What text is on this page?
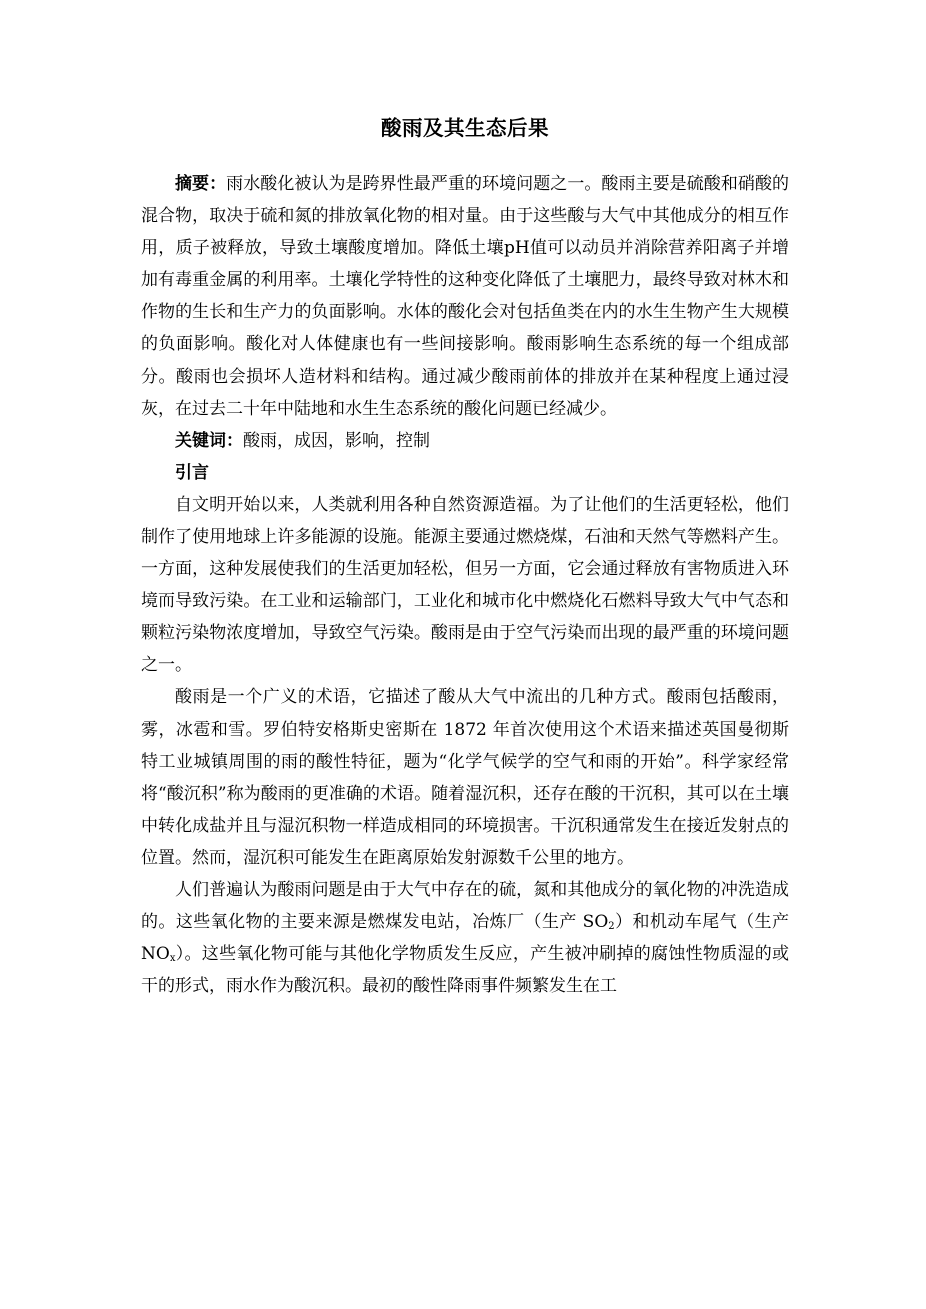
酸雨及其生态后果

摘要：雨水酸化被认为是跨界性最严重的环境问题之一。酸雨主要是硫酸和硝酸的混合物，取决于硫和氮的排放氧化物的相对量。由于这些酸与大气中其他成分的相互作用，质子被释放，导致土壤酸度增加。降低土壤pH值可以动员并消除营养阳离子并增加有毒重金属的利用率。土壤化学特性的这种变化降低了土壤肥力，最终导致对林木和作物的生长和生产力的负面影响。水体的酸化会对包括鱼类在内的水生生物产生大规模的负面影响。酸化对人体健康也有一些间接影响。酸雨影响生态系统的每一个组成部分。酸雨也会损坏人造材料和结构。通过减少酸雨前体的排放并在某种程度上通过浸灰，在过去二十年中陆地和水生生态系统的酸化问题已经减少。

关键词：酸雨，成因，影响，控制

引言

自文明开始以来，人类就利用各种自然资源造福。为了让他们的生活更轻松，他们制作了使用地球上许多能源的设施。能源主要通过燃烧煤，石油和天然气等燃料产生。一方面，这种发展使我们的生活更加轻松，但另一方面，它会通过释放有害物质进入环境而导致污染。在工业和运输部门，工业化和城市化中燃烧化石燃料导致大气中气态和颗粒污染物浓度增加，导致空气污染。酸雨是由于空气污染而出现的最严重的环境问题之一。

酸雨是一个广义的术语，它描述了酸从大气中流出的几种方式。酸雨包括酸雨，雾，冰雹和雪。罗伯特安格斯史密斯在 1872 年首次使用这个术语来描述英国曼彻斯特工业城镇周围的雨的酸性特征，题为“化学气候学的空气和雨的开始”。科学家经常将“酸沉积”称为酸雨的更准确的术语。随着湿沉积，还存在酸的干沉积，其可以在土壤中转化成盐并且与湿沉积物一样造成相同的环境损害。干沉积通常发生在接近发射点的位置。然而，湿沉积可能发生在距离原始发射源数千公里的地方。

人们普遍认为酸雨问题是由于大气中存在的硫，氮和其他成分的氧化物的冲洗造成的。这些氧化物的主要来源是燃煤发电站，冶炼厂（生产 $SO_2$）和机动车尾气（生产 $NO_x$）。这些氧化物可能与其他化学物质发生反应，产生被冲刷掉的腐蚀性物质湿的或干的形式，雨水作为酸沉积。最初的酸性降雨事件频繁发生在工
